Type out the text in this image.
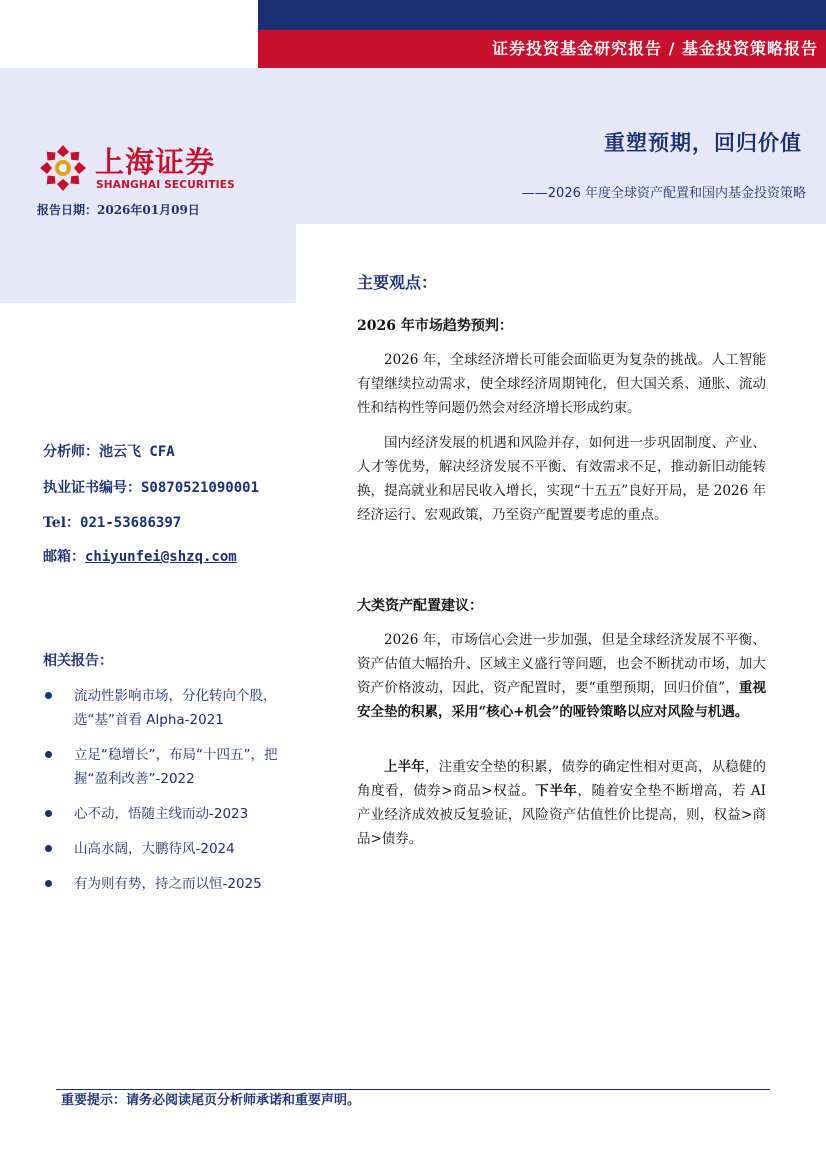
证券投资基金研究报告 / 基金投资策略报告
上海证券
SHANGHAI SECURITIES
报告日期：2026年01月09日
重塑预期，回归价值
——2026 年度全球资产配置和国内基金投资策略
分析师：池云飞 CFA
执业证书编号：S0870521090001
Tel：021-53686397
邮箱：chiyunfei@shzq.com
相关报告：
流动性影响市场，分化转向个股，选“基”首看 Alpha-2021
立足“稳增长”，布局“十四五”，把握“盈利改善”-2022
心不动，悟随主线而动-2023
山高水阔，大鹏待风-2024
有为则有势，持之而以恒-2025
主要观点：
2026 年市场趋势预判：

2026 年，全球经济增长可能会面临更为复杂的挑战。人工智能有望继续拉动需求，使全球经济周期钝化，但大国关系、通胀、流动性和结构性等问题仍然会对经济增长形成约束。

国内经济发展的机遇和风险并存，如何进一步巩固制度、产业、人才等优势，解决经济发展不平衡、有效需求不足，推动新旧动能转换，提高就业和居民收入增长，实现“十五五”良好开局，是 2026 年经济运行、宏观政策，乃至资产配置要考虑的重点。

大类资产配置建议：

2026 年，市场信心会进一步加强，但是全球经济发展不平衡、资产估值大幅抬升、区域主义盛行等问题，也会不断扰动市场，加大资产价格波动，因此，资产配置时，要“重塑预期，回归价值”，重视安全垫的积累，采用“核心+机会”的哑铃策略以应对风险与机遇。

上半年，注重安全垫的积累，债券的确定性相对更高，从稳健的角度看，债券>商品>权益。下半年，随着安全垫不断增高，若 AI 产业经济成效被反复验证，风险资产估值性价比提高，则，权益>商品>债券。

重要提示：请务必阅读尾页分析师承诺和重要声明。
